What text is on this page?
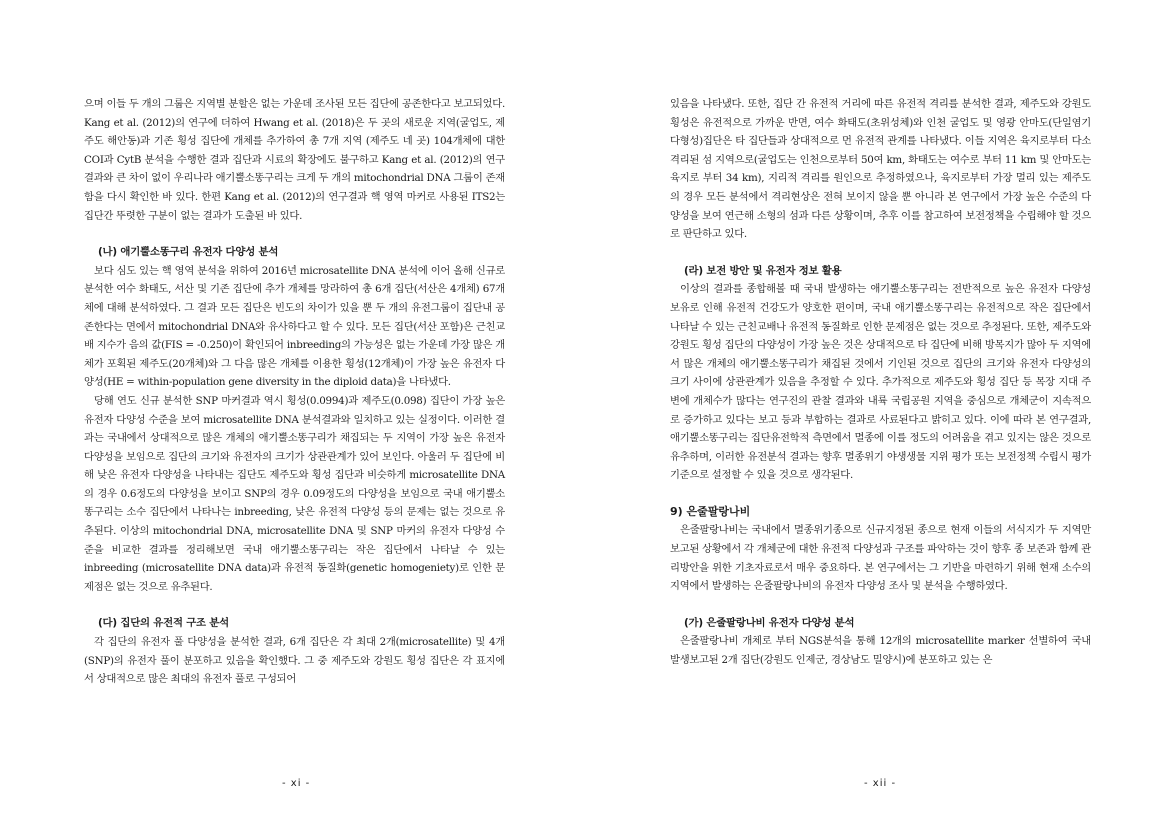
으며 이들 두 개의 그룹은 지역별 분할은 없는 가운데 조사된 모든 집단에 공존한다고 보고되었다. Kang et al. (2012)의 연구에 더하여 Hwang et al. (2018)은 두 곳의 새로운 지역(굴업도, 제주도 해안동)과 기존 횡성 집단에 개체를 추가하여 총 7개 지역 (제주도 네 곳) 104개체에 대한 COI과 CytB 분석을 수행한 결과 집단과 시료의 확장에도 불구하고 Kang et al. (2012)의 연구결과와 큰 차이 없이 우리나라 애기뿔소똥구리는 크게 두 개의 mitochondrial DNA 그룹이 존재함을 다시 확인한 바 있다. 한편 Kang et al. (2012)의 연구결과 핵 영역 마커로 사용된 ITS2는 집단간 뚜렷한 구분이 없는 결과가 도출된 바 있다.

(나) 애기뿔소똥구리 유전자 다양성 분석

보다 심도 있는 핵 영역 분석을 위하여 2016년 microsatellite DNA 분석에 이어 올해 신규로 분석한 여수 화태도, 서산 및 기존 집단에 추가 개체를 망라하여 총 6개 집단(서산은 4개체) 67개체에 대해 분석하였다. 그 결과 모든 집단은 빈도의 차이가 있을 뿐 두 개의 유전그룹이 집단내 공존한다는 면에서 mitochondrial DNA와 유사하다고 할 수 있다. 모든 집단(서산 포함)은 근친교배 지수가 음의 값(FIS = -0.250)이 확인되어 inbreeding의 가능성은 없는 가운데 가장 많은 개체가 포획된 제주도(20개체)와 그 다음 많은 개체를 이용한 횡성(12개체)이 가장 높은 유전자 다양성(HE = within-population gene diversity in the diploid data)을 나타냈다.

당해 연도 신규 분석한 SNP 마커결과 역시 횡성(0.0994)과 제주도(0.098) 집단이 가장 높은 유전자 다양성 수준을 보여 microsatellite DNA 분석결과와 일치하고 있는 실정이다. 이러한 결과는 국내에서 상대적으로 많은 개체의 애기뿔소똥구리가 채집되는 두 지역이 가장 높은 유전자 다양성을 보임으로 집단의 크기와 유전자의 크기가 상관관계가 있어 보인다. 아울러 두 집단에 비해 낮은 유전자 다양성을 나타내는 집단도 제주도와 횡성 집단과 비슷하게 microsatellite DNA의 경우 0.6정도의 다양성을 보이고 SNP의 경우 0.09정도의 다양성을 보임으로 국내 애기뿔소똥구리는 소수 집단에서 나타나는 inbreeding, 낮은 유전적 다양성 등의 문제는 없는 것으로 유추된다. 이상의 mitochondrial DNA, microsatellite DNA 및 SNP 마커의 유전자 다양성 수준을 비교한 결과를 정리해보면 국내 애기뿔소똥구리는 작은 집단에서 나타날 수 있는 inbreeding (microsatellite DNA data)과 유전적 동질화(genetic homogeniety)로 인한 문제점은 없는 것으로 유추된다.

(다) 집단의 유전적 구조 분석

각 집단의 유전자 풀 다양성을 분석한 결과, 6개 집단은 각 최대 2개(microsatellite) 및 4개(SNP)의 유전자 풀이 분포하고 있음을 확인했다. 그 중 제주도와 강원도 횡성 집단은 각 표지에서 상대적으로 많은 최대의 유전자 풀로 구성되어

있음을 나타냈다. 또한, 집단 간 유전적 거리에 따른 유전적 격리를 분석한 결과, 제주도와 강원도 횡성은 유전적으로 가까운 반면, 여수 화태도(초위성체)와 인천 굴업도 및 영광 안마도(단일염기 다형성)집단은 타 집단들과 상대적으로 먼 유전적 관계를 나타냈다. 이들 지역은 육지로부터 다소 격리된 섬 지역으로(굴업도는 인천으로부터 50여 km, 화태도는 여수로 부터 11 km 및 안마도는 육지로 부터 34 km), 지리적 격리를 원인으로 추정하였으나, 육지로부터 가장 멀리 있는 제주도의 경우 모든 분석에서 격리현상은 전혀 보이지 않을 뿐 아니라 본 연구에서 가장 높은 수준의 다양성을 보여 연근해 소형의 섬과 다른 상황이며, 추후 이를 참고하여 보전정책을 수립해야 할 것으로 판단하고 있다.

(라) 보전 방안 및 유전자 정보 활용

이상의 결과를 종합해볼 때 국내 발생하는 애기뿔소똥구리는 전반적으로 높은 유전자 다양성 보유로 인해 유전적 건강도가 양호한 편이며, 국내 애기뿔소똥구리는 유전적으로 작은 집단에서 나타날 수 있는 근친교배나 유전적 동질화로 인한 문제점은 없는 것으로 추정된다. 또한, 제주도와 강원도 횡성 집단의 다양성이 가장 높은 것은 상대적으로 타 집단에 비해 방목지가 많아 두 지역에서 많은 개체의 애기뿔소똥구리가 채집된 것에서 기인된 것으로 집단의 크기와 유전자 다양성의 크기 사이에 상관관계가 있음을 추정할 수 있다. 추가적으로 제주도와 횡성 집단 등 목장 지대 주변에 개체수가 많다는 연구진의 관찰 결과와 내륙 국립공원 지역을 중심으로 개체군이 지속적으로 증가하고 있다는 보고 등과 부합하는 결과로 사료된다고 밝히고 있다. 이에 따라 본 연구결과, 애기뿔소똥구리는 집단유전학적 측면에서 멸종에 이를 정도의 어려움을 겪고 있지는 않은 것으로 유추하며, 이러한 유전분석 결과는 향후 멸종위기 야생생물 지위 평가 또는 보전정책 수립시 평가기준으로 설정할 수 있을 것으로 생각된다.

9) 은줄팔랑나비

은줄팔랑나비는 국내에서 멸종위기종으로 신규지정된 종으로 현재 이들의 서식지가 두 지역만 보고된 상황에서 각 개체군에 대한 유전적 다양성과 구조를 파악하는 것이 향후 종 보존과 함께 관리방안을 위한 기초자료로서 매우 중요하다. 본 연구에서는 그 기반을 마련하기 위해 현재 소수의 지역에서 발생하는 은줄팔랑나비의 유전자 다양성 조사 및 분석을 수행하였다.

(가) 은줄팔랑나비 유전자 다양성 분석

은줄팔랑나비 개체로 부터 NGS분석을 통해 12개의 microsatellite marker 선별하여 국내 발생보고된 2개 집단(강원도 인제군, 경상남도 밀양시)에 분포하고 있는 은

- xi -	- xii -
